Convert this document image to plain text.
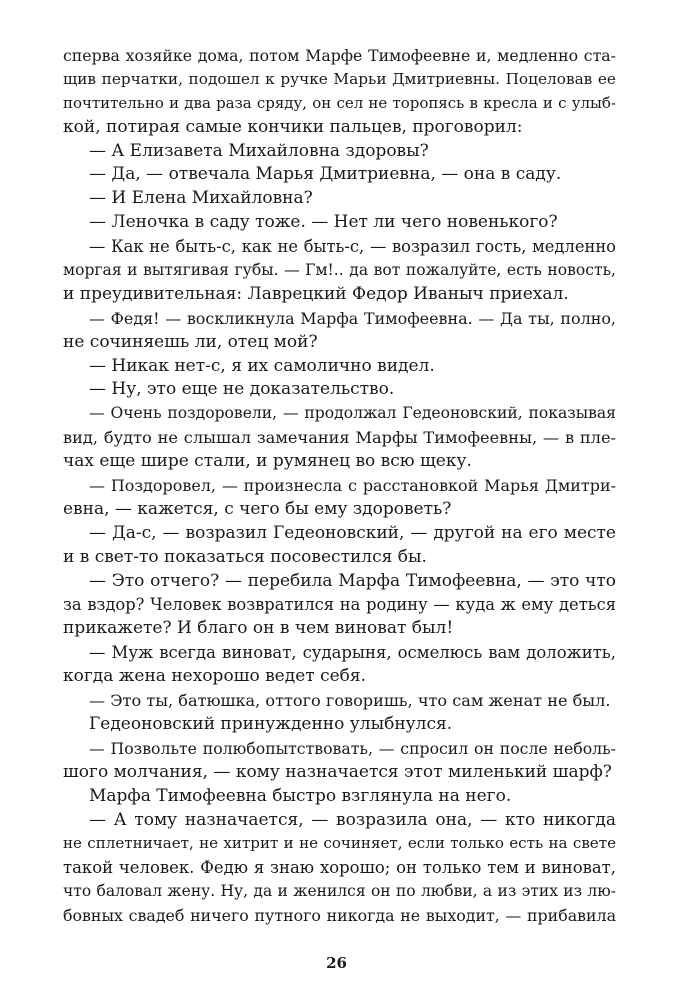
сперва хозяйке дома, потом Марфе Тимофеевне и, медленно ста-
щив перчатки, подошел к ручке Марьи Дмитриевны. Поцеловав ее
почтительно и два раза сряду, он сел не торопясь в кресла и с улыб-
кой, потирая самые кончики пальцев, проговорил:
— А Елизавета Михайловна здоровы?
— Да, — отвечала Марья Дмитриевна, — она в саду.
— И Елена Михайловна?
— Леночка в саду тоже. — Нет ли чего новенького?
— Как не быть-с, как не быть-с, — возразил гость, медленно
моргая и вытягивая губы. — Гм!.. да вот пожалуйте, есть новость,
и преудивительная: Лаврецкий Федор Иваныч приехал.
— Федя! — воскликнула Марфа Тимофеевна. — Да ты, полно,
не сочиняешь ли, отец мой?
— Никак нет-с, я их самолично видел.
— Ну, это еще не доказательство.
— Очень поздоровели, — продолжал Гедеоновский, показывая
вид, будто не слышал замечания Марфы Тимофеевны, — в пле-
чах еще шире стали, и румянец во всю щеку.
— Поздоровел, — произнесла с расстановкой Марья Дмитри-
евна, — кажется, с чего бы ему здороветь?
— Да-с, — возразил Гедеоновский, — другой на его месте
и в свет-то показаться посовестился бы.
— Это отчего? — перебила Марфа Тимофеевна, — это что
за вздор? Человек возвратился на родину — куда ж ему деться
прикажете? И благо он в чем виноват был!
— Муж всегда виноват, сударыня, осмелюсь вам доложить,
когда жена нехорошо ведет себя.
— Это ты, батюшка, оттого говоришь, что сам женат не был.
Гедеоновский принужденно улыбнулся.
— Позвольте полюбопытствовать, — спросил он после неболь-
шого молчания, — кому назначается этот миленький шарф?
Марфа Тимофеевна быстро взглянула на него.
— А тому назначается, — возразила она, — кто никогда
не сплетничает, не хитрит и не сочиняет, если только есть на свете
такой человек. Федю я знаю хорошо; он только тем и виноват,
что баловал жену. Ну, да и женился он по любви, а из этих из лю-
бовных свадеб ничего путного никогда не выходит, — прибавила
26
